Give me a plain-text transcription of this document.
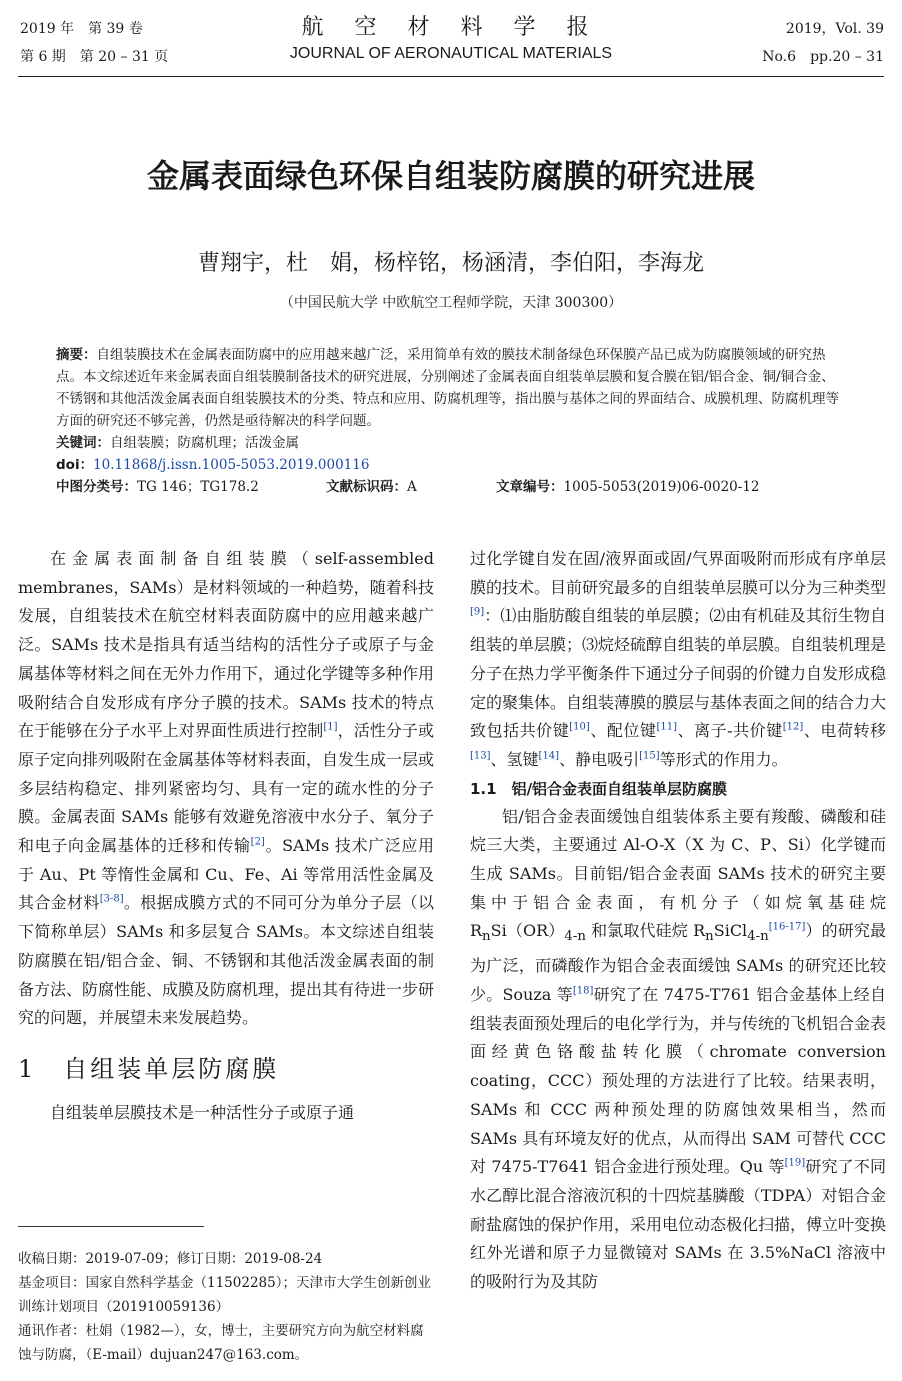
2019 年　第 39 卷
第 6 期　第 20 – 31 页
航 空 材 料 学 报
JOURNAL OF AERONAUTICAL MATERIALS
2019，Vol. 39
No.6　pp.20 – 31
金属表面绿色环保自组装防腐膜的研究进展
曹翔宇，杜　娟，杨梓铭，杨涵清，李伯阳，李海龙
（中国民航大学 中欧航空工程师学院，天津 300300）

摘要：自组装膜技术在金属表面防腐中的应用越来越广泛，采用简单有效的膜技术制备绿色环保膜产品已成为防腐膜领域的研究热点。本文综述近年来金属表面自组装膜制备技术的研究进展，分别阐述了金属表面自组装单层膜和复合膜在铝/铝合金、铜/铜合金、不锈钢和其他活泼金属表面自组装膜技术的分类、特点和应用、防腐机理等，指出膜与基体之间的界面结合、成膜机理、防腐机理等方面的研究还不够完善，仍然是亟待解决的科学问题。

关键词：自组装膜；防腐机理；活泼金属

doi：10.11868/j.issn.1005-5053.2019.000116

中图分类号：TG 146；TG178.2	文献标识码：A	文章编号：1005-5053(2019)06-0020-12

在金属表面制备自组装膜（self-assembled membranes，SAMs）是材料领域的一种趋势，随着科技发展，自组装技术在航空材料表面防腐中的应用越来越广泛。SAMs 技术是指具有适当结构的活性分子或原子与金属基体等材料之间在无外力作用下，通过化学键等多种作用吸附结合自发形成有序分子膜的技术。SAMs 技术的特点在于能够在分子水平上对界面性质进行控制[1]，活性分子或原子定向排列吸附在金属基体等材料表面，自发生成一层或多层结构稳定、排列紧密均匀、具有一定的疏水性的分子膜。金属表面 SAMs 能够有效避免溶液中水分子、氧分子和电子向金属基体的迁移和传输[2]。SAMs 技术广泛应用于 Au、Pt 等惰性金属和 Cu、Fe、Ai 等常用活性金属及其合金材料[3-8]。根据成膜方式的不同可分为单分子层（以下简称单层）SAMs 和多层复合 SAMs。本文综述自组装防腐膜在铝/铝合金、铜、不锈钢和其他活泼金属表面的制备方法、防腐性能、成膜及防腐机理，提出其有待进一步研究的问题，并展望未来发展趋势。

1　自组装单层防腐膜

自组装单层膜技术是一种活性分子或原子通

过化学键自发在固/液界面或固/气界面吸附而形成有序单层膜的技术。目前研究最多的自组装单层膜可以分为三种类型[9]：⑴由脂肪酸自组装的单层膜；⑵由有机硅及其衍生物自组装的单层膜；⑶烷烃硫醇自组装的单层膜。自组装机理是分子在热力学平衡条件下通过分子间弱的价键力自发形成稳定的聚集体。自组装薄膜的膜层与基体表面之间的结合力大致包括共价键[10]、配位键[11]、离子-共价键[12]、电荷转移[13]、氢键[14]、静电吸引[15]等形式的作用力。

1.1　铝/铝合金表面自组装单层防腐膜

铝/铝合金表面缓蚀自组装体系主要有羧酸、磷酸和硅烷三大类，主要通过 Al-O-X（X 为 C、P、Si）化学键而生成 SAMs。目前铝/铝合金表面 SAMs 技术的研究主要集中于铝合金表面，有机分子（如烷氧基硅烷 $R_nSi(OR)_{4-n}$ 和氯取代硅烷 $R_nSiCl_{4-n}[16-17]$）的研究最为广泛，而磷酸作为铝合金表面缓蚀 SAMs 的研究还比较少。Souza 等[18]研究了在 7475-T761 铝合金基体上经自组装表面预处理后的电化学行为，并与传统的飞机铝合金表面经黄色铬酸盐转化膜（chromate conversion coating，CCC）预处理的方法进行了比较。结果表明，SAMs 和 CCC 两种预处理的防腐蚀效果相当，然而 SAMs 具有环境友好的优点，从而得出 SAM 可替代 CCC 对 7475-T7641 铝合金进行预处理。Qu 等[19]研究了不同水乙醇比混合溶液沉积的十四烷基膦酸（TDPA）对铝合金耐盐腐蚀的保护作用，采用电位动态极化扫描，傅立叶变换红外光谱和原子力显微镜对 SAMs 在 3.5%NaCl 溶液中的吸附行为及其防

收稿日期：2019-07-09；修订日期：2019-08-24

基金项目：国家自然科学基金（11502285）；天津市大学生创新创业训练计划项目（201910059136）

通讯作者：杜娟（1982—），女，博士，主要研究方向为航空材料腐蚀与防腐，（E-mail）dujuan247@163.com。
